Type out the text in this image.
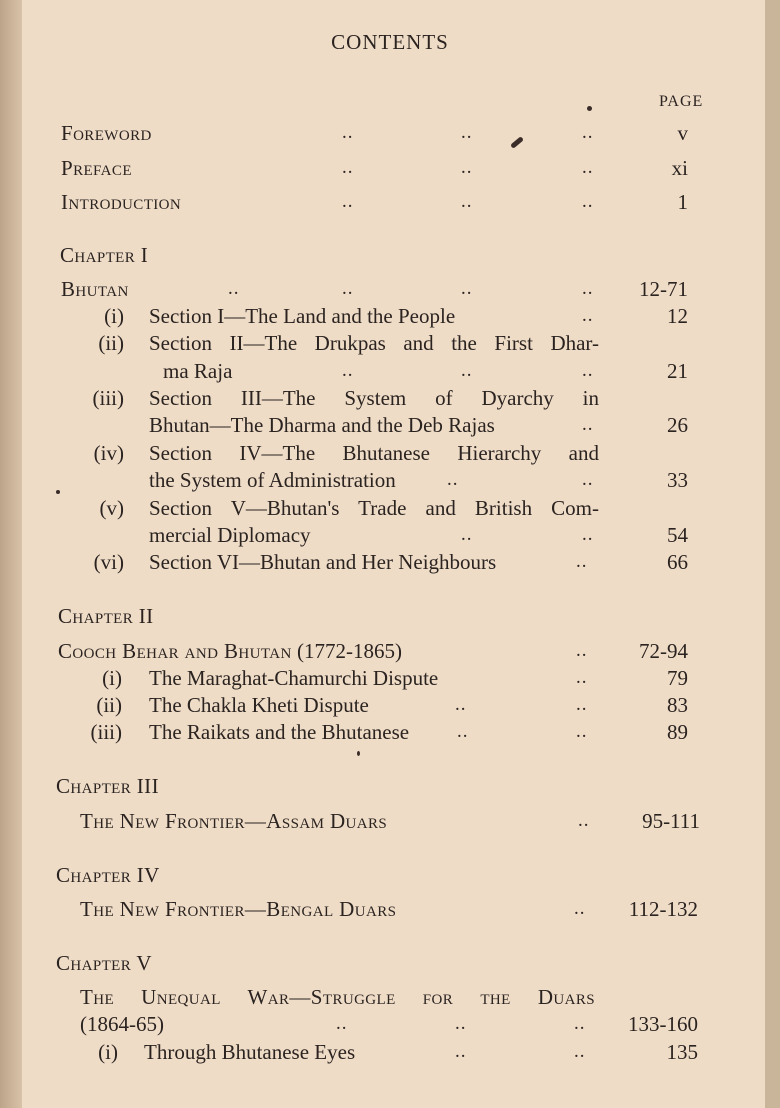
CONTENTS
PAGE
Foreword	..	..	..	v
Preface	..	..	..	xi
Introduction	..	..	..	1
Chapter I
Bhutan	..	..	..	.. 12-71
(i) Section I—The Land and the People	..	12
(ii) Section II—The Drukpas and the First Dhar-
ma Raja	..	..	..	21
(iii) Section III—The System of Dyarchy in
Bhutan—The Dharma and the Deb Rajas	..	26
(iv) Section IV—The Bhutanese Hierarchy and
the System of Administration	..	..	33
(v) Section V—Bhutan's Trade and British Com-
mercial Diplomacy	..	..	54
(vi) Section VI—Bhutan and Her Neighbours	..	66
Chapter II
Cooch Behar and Bhutan (1772-1865)	.. 72-94
(i) The Maraghat-Chamurchi Dispute	..	79
(ii) The Chakla Kheti Dispute	..	..	83
(iii) The Raikats and the Bhutanese	..	..	89
Chapter III
The New Frontier—Assam Duars	..	95-111
Chapter IV
The New Frontier—Bengal Duars	.. 112-132
Chapter V
The Unequal War—Struggle for the Duars
(1864-65)	..	..	.. 133-160
(i) Through Bhutanese Eyes	..	..	135
